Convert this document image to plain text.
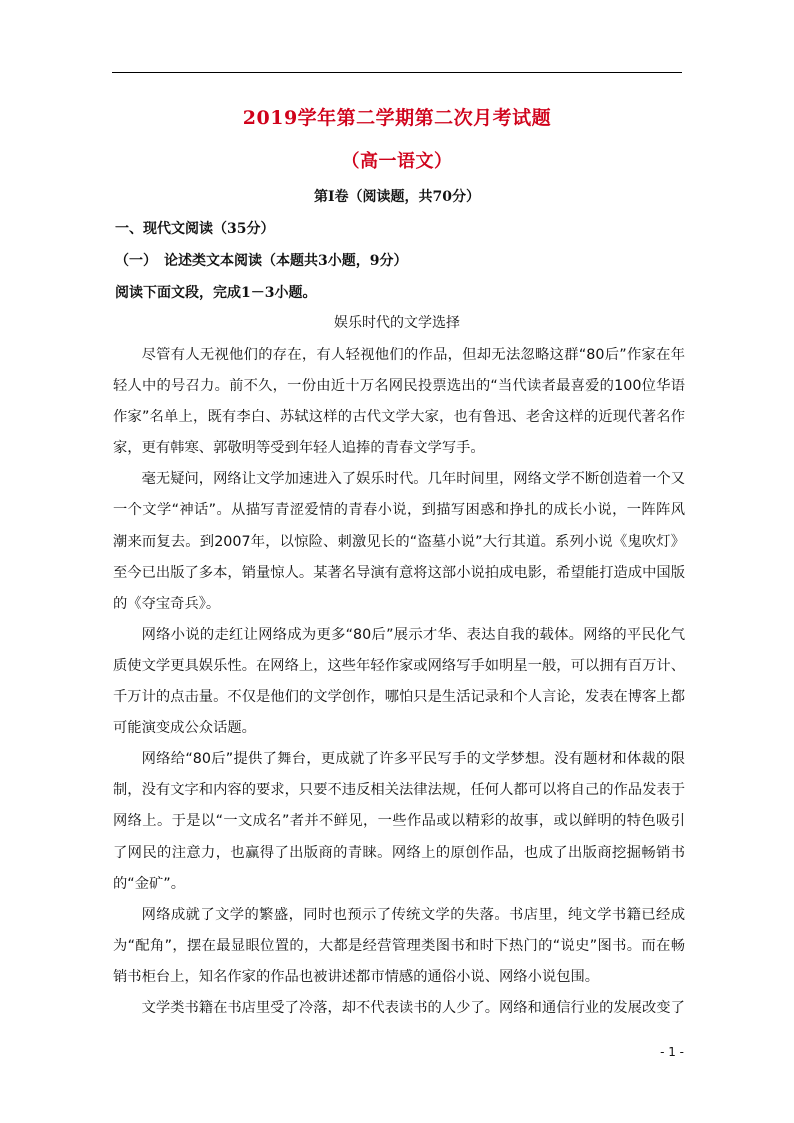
2019学年第二学期第二次月考试题
（高一语文）
第Ⅰ卷（阅读题，共70分）
一、现代文阅读（35分）
（一）　论述类文本阅读（本题共3小题，9分）
阅读下面文段，完成1－3小题。
娱乐时代的文学选择

尽管有人无视他们的存在，有人轻视他们的作品，但却无法忽略这群“80后”作家在年轻人中的号召力。前不久，一份由近十万名网民投票选出的“当代读者最喜爱的100位华语作家”名单上，既有李白、苏轼这样的古代文学大家，也有鲁迅、老舍这样的近现代著名作家，更有韩寒、郭敬明等受到年轻人追捧的青春文学写手。

毫无疑问，网络让文学加速进入了娱乐时代。几年时间里，网络文学不断创造着一个又一个文学“神话”。从描写青涩爱情的青春小说，到描写困惑和挣扎的成长小说，一阵阵风潮来而复去。到2007年，以惊险、刺激见长的“盗墓小说”大行其道。系列小说《鬼吹灯》至今已出版了多本，销量惊人。某著名导演有意将这部小说拍成电影，希望能打造成中国版的《夺宝奇兵》。

网络小说的走红让网络成为更多“80后”展示才华、表达自我的载体。网络的平民化气质使文学更具娱乐性。在网络上，这些年轻作家或网络写手如明星一般，可以拥有百万计、千万计的点击量。不仅是他们的文学创作，哪怕只是生活记录和个人言论，发表在博客上都可能演变成公众话题。

网络给“80后”提供了舞台，更成就了许多平民写手的文学梦想。没有题材和体裁的限制，没有文字和内容的要求，只要不违反相关法律法规，任何人都可以将自己的作品发表于网络上。于是以“一文成名”者并不鲜见，一些作品或以精彩的故事，或以鲜明的特色吸引了网民的注意力，也赢得了出版商的青睐。网络上的原创作品，也成了出版商挖掘畅销书的“金矿”。

网络成就了文学的繁盛，同时也预示了传统文学的失落。书店里，纯文学书籍已经成为“配角”，摆在最显眼位置的，大都是经营管理类图书和时下热门的“说史”图书。而在畅销书柜台上，知名作家的作品也被讲述都市情感的通俗小说、网络小说包围。

文学类书籍在书店里受了冷落，却不代表读书的人少了。网络和通信行业的发展改变了

- 1 -
